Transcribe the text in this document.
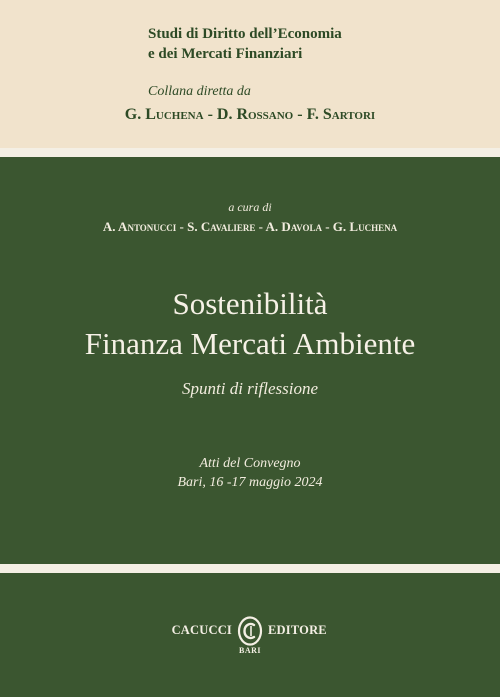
Studi di Diritto dell’Economia
e dei Mercati Finanziari
Collana diretta da
G. Luchena - D. Rossano - F. Sartori
a cura di
A. Antonucci - S. Cavaliere - A. Davola - G. Luchena
Sostenibilità
Finanza Mercati Ambiente
Spunti di riflessione
Atti del Convegno
Bari, 16 -17 maggio 2024
CACUCCI	EDITORE
BARI
